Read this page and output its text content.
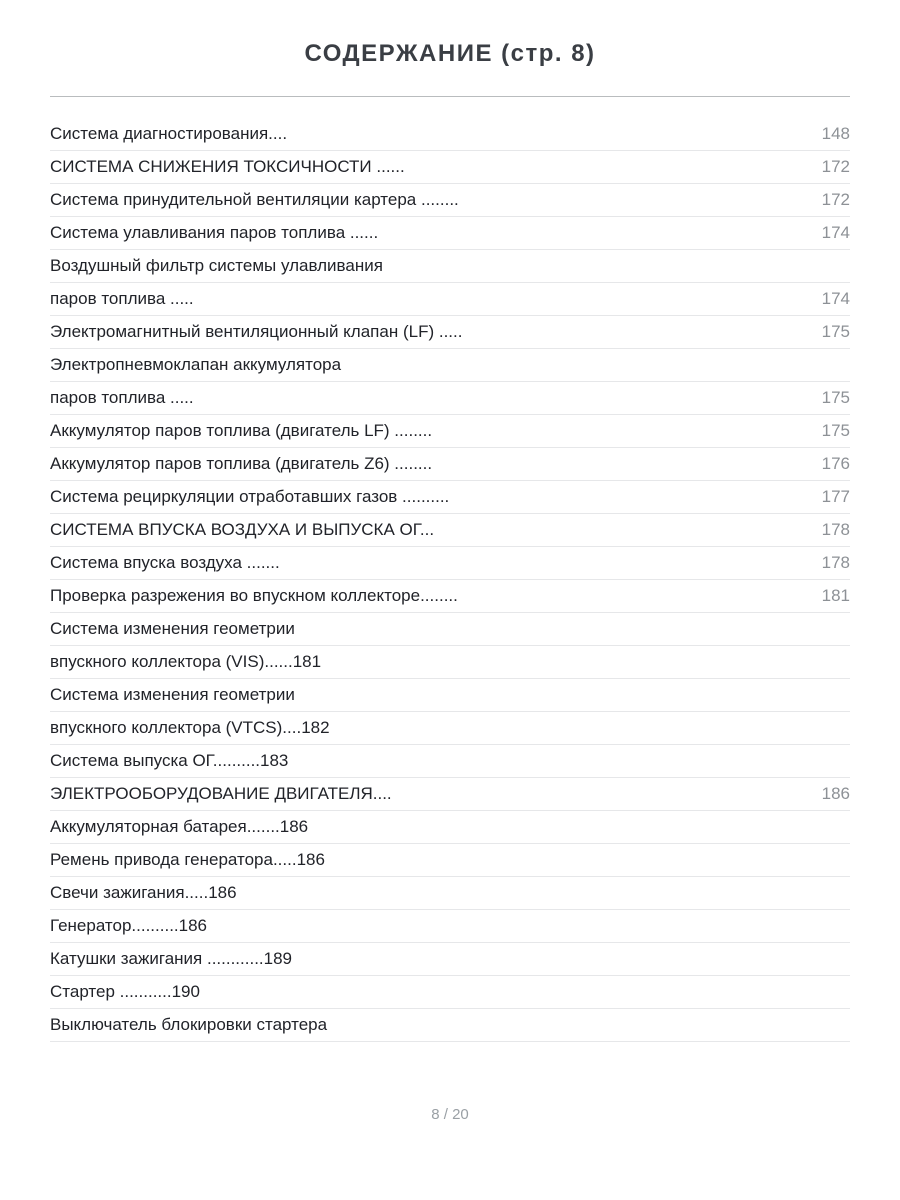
СОДЕРЖАНИЕ (стр. 8)
Система диагностирования....	148
СИСТЕМА СНИЖЕНИЯ ТОКСИЧНОСТИ ......	172
Система принудительной вентиляции картера ........	172
Система улавливания паров топлива ......	174
Воздушный фильтр системы улавливания
паров топлива .....	174
Электромагнитный вентиляционный клапан (LF) .....	175
Электропневмоклапан аккумулятора
паров топлива .....	175
Аккумулятор паров топлива (двигатель LF) ........	175
Аккумулятор паров топлива (двигатель Z6) ........	176
Система рециркуляции отработавших газов ..........	177
СИСТЕМА ВПУСКА ВОЗДУХА И ВЫПУСКА ОГ...	178
Система впуска воздуха .......	178
Проверка разрежения во впускном коллекторе........	181
Система изменения геометрии
впускного коллектора (VIS)......181
Система изменения геометрии
впускного коллектора (VTCS)....182
Система выпуска ОГ..........183
ЭЛЕКТРООБОРУДОВАНИЕ ДВИГАТЕЛЯ....	186
Аккумуляторная батарея.......186
Ремень привода генератора.....186
Свечи зажигания.....186
Генератор..........186
Катушки зажигания ............189
Стартер ...........190
Выключатель блокировки стартера
8 / 20
